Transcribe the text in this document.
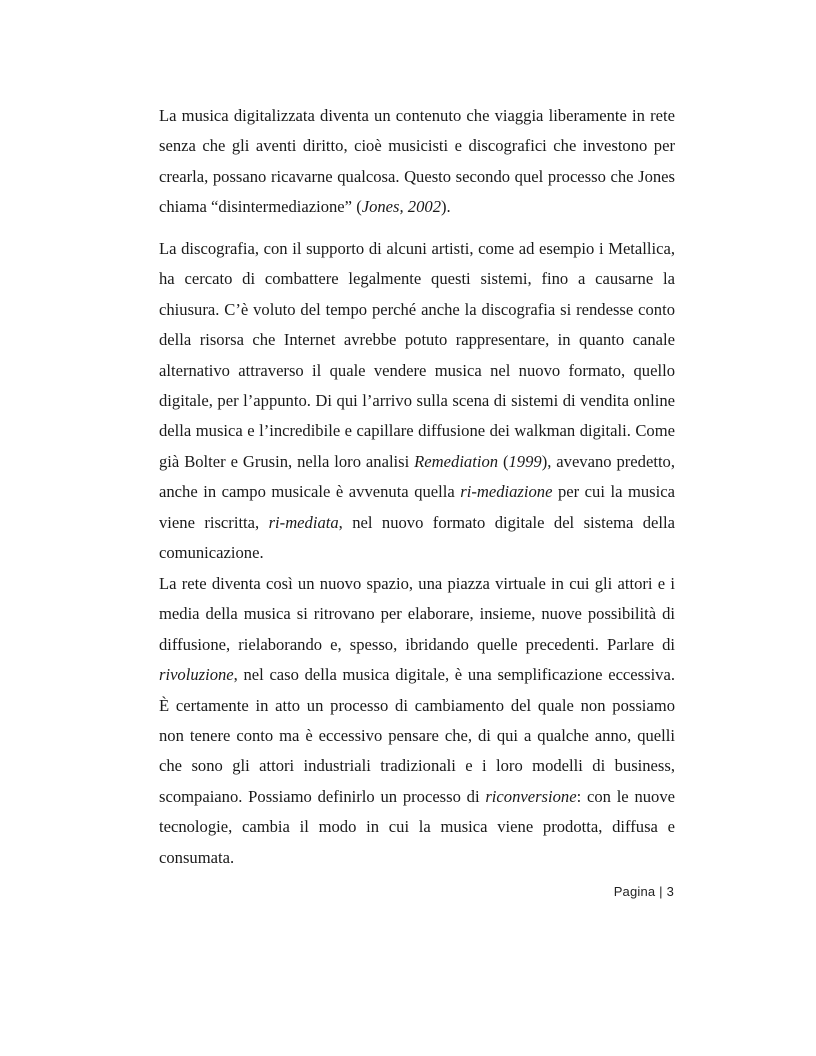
La musica digitalizzata diventa un contenuto che viaggia liberamente in rete senza che gli aventi diritto, cioè musicisti e discografici che investono per crearla, possano ricavarne qualcosa. Questo secondo quel processo che Jones chiama “disintermediazione” (Jones, 2002).

La discografia, con il supporto di alcuni artisti, come ad esempio i Metallica, ha cercato di combattere legalmente questi sistemi, fino a causarne la chiusura. C’è voluto del tempo perché anche la discografia si rendesse conto della risorsa che Internet avrebbe potuto rappresentare, in quanto canale alternativo attraverso il quale vendere musica nel nuovo formato, quello digitale, per l’appunto. Di qui l’arrivo sulla scena di sistemi di vendita online della musica e l’incredibile e capillare diffusione dei walkman digitali. Come già Bolter e Grusin, nella loro analisi Remediation (1999), avevano predetto, anche in campo musicale è avvenuta quella ri-mediazione per cui la musica viene riscritta, ri-mediata, nel nuovo formato digitale del sistema della comunicazione.

La rete diventa così un nuovo spazio, una piazza virtuale in cui gli attori e i media della musica si ritrovano per elaborare, insieme, nuove possibilità di diffusione, rielaborando e, spesso, ibridando quelle precedenti. Parlare di rivoluzione, nel caso della musica digitale, è una semplificazione eccessiva. È certamente in atto un processo di cambiamento del quale non possiamo non tenere conto ma è eccessivo pensare che, di qui a qualche anno, quelli che sono gli attori industriali tradizionali e i loro modelli di business, scompaiano. Possiamo definirlo un processo di riconversione: con le nuove tecnologie, cambia il modo in cui la musica viene prodotta, diffusa e consumata.

Pagina | 3
